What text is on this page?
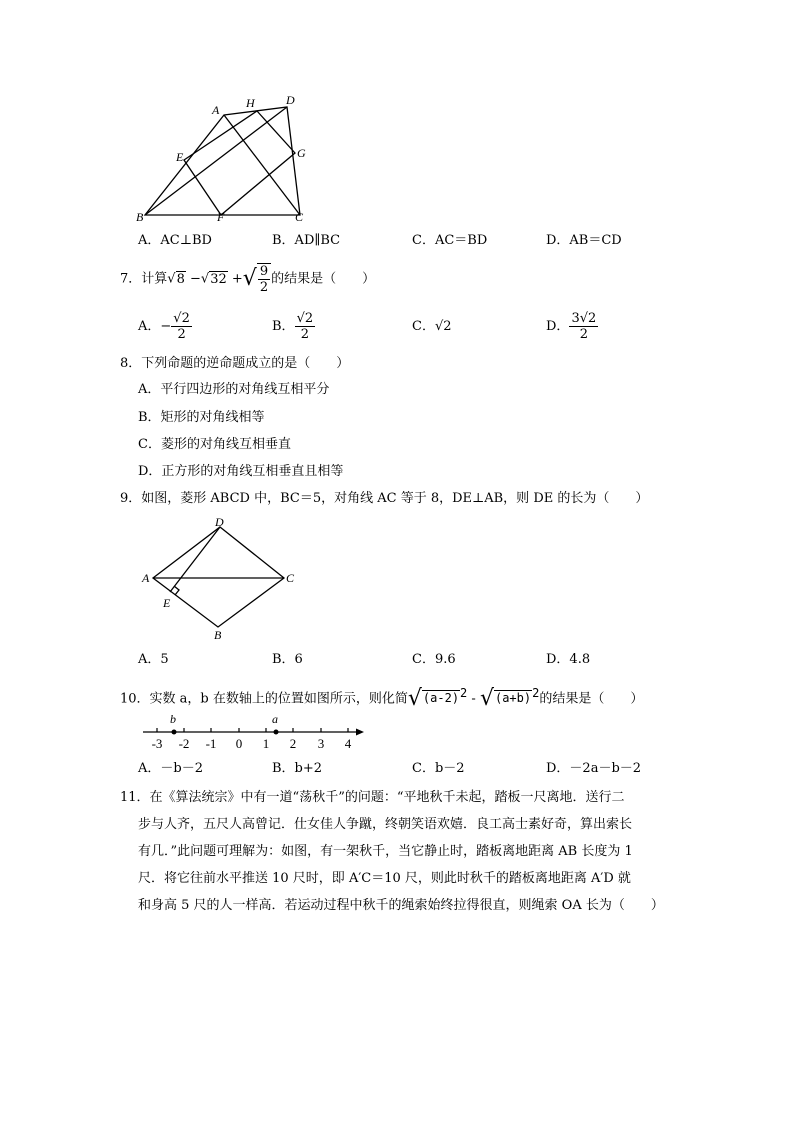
A H	D
E	G
B	F	C
A．AC⊥BD	B．AD∥BC	C．AC＝BD	D．AB＝CD
7．计算√8 −√32 +√ $\frac{9}{2}$ 的结果是（　　）
A．− $\frac{√2}{2}$	B． $\frac{√2}{2}$	C．√2	D． $\frac{3√2}{2}$
8．下列命题的逆命题成立的是（　　）
A．平行四边形的对角线互相平分
B．矩形的对角线相等
C．菱形的对角线互相垂直
D．正方形的对角线互相垂直且相等
9．如图，菱形 ABCD 中，BC＝5，对角线 AC 等于 8，DE⊥AB，则 DE 的长为（　　）
D
A	C
E
B
A．5	B．6	C．9.6	D．4.8
10．实数 a，b 在数轴上的位置如图所示，则化简$√(a-2)^2 - √(a+b)^2$的结果是（　　）
b	a
-3 -2 -1 0 1 2 3 4
A．－b－2	B．b+2	C．b－2	D．－2a－b－2
11．在《算法统宗》中有一道“荡秋千”的问题：“平地秋千未起，踏板一尺离地．送行二
步与人齐，五尺人高曾记．仕女佳人争蹴，终朝笑语欢嬉．良工高士素好奇，算出索长
有几．”此问题可理解为：如图，有一架秋千，当它静止时，踏板离地距离 AB 长度为 1
尺．将它往前水平推送 10 尺时，即 A′C＝10 尺，则此时秋千的踏板离地距离 A′D 就
和身高 5 尺的人一样高．若运动过程中秋千的绳索始终拉得很直，则绳索 OA 长为（　　）
